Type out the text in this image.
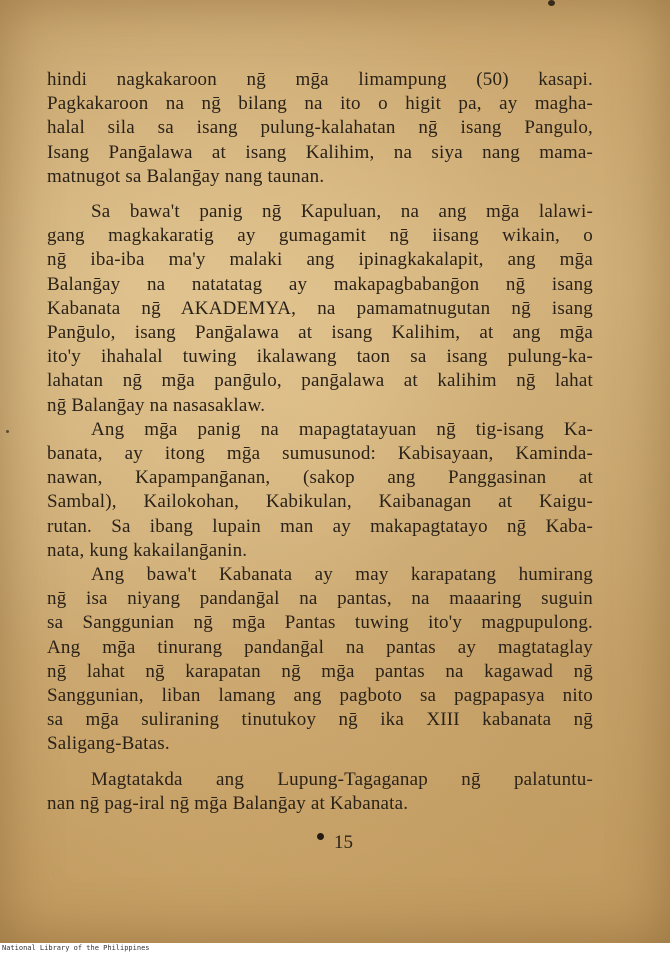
hindi nagkakaroon nḡ mḡa limampung (50) kasapi.
Pagkakaroon na nḡ bilang na ito o higit pa, ay magha-
halal sila sa isang pulung-kalahatan nḡ isang Pangulo,
Isang Panḡalawa at isang Kalihim, na siya nang mama-
matnugot sa Balanḡay nang taunan.
Sa bawa't panig nḡ Kapuluan, na ang mḡa lalawi-
gang magkakaratig ay gumagamit nḡ iisang wikain, o
nḡ iba-iba ma'y malaki ang ipinagkakalapit, ang mḡa
Balanḡay na natatatag ay makapagbabanḡon nḡ isang
Kabanata nḡ AKADEMYA, na pamamatnugutan nḡ isang
Panḡulo, isang Panḡalawa at isang Kalihim, at ang mḡa
ito'y ihahalal tuwing ikalawang taon sa isang pulung-ka-
lahatan nḡ mḡa panḡulo, panḡalawa at kalihim nḡ lahat
nḡ Balanḡay na nasasaklaw.
Ang mḡa panig na mapagtatayuan nḡ tig-isang Ka-
banata, ay itong mḡa sumusunod: Kabisayaan, Kaminda-
nawan, Kapampanḡanan, (sakop ang Panggasinan at
Sambal), Kailokohan, Kabikulan, Kaibanagan at Kaigu-
rutan. Sa ibang lupain man ay makapagtatayo nḡ Kaba-
nata, kung kakailanḡanin.
Ang bawa't Kabanata ay may karapatang humirang
nḡ isa niyang pandanḡal na pantas, na maaaring suguin
sa Sanggunian nḡ mḡa Pantas tuwing ito'y magpupulong.
Ang mḡa tinurang pandanḡal na pantas ay magtataglay
nḡ lahat nḡ karapatan nḡ mḡa pantas na kagawad nḡ
Sanggunian, liban lamang ang pagboto sa pagpapasya nito
sa mḡa suliraning tinutukoy nḡ ika XIII kabanata nḡ
Saligang-Batas.
Magtatakda ang Lupung-Tagaganap nḡ palatuntu-
nan nḡ pag-iral nḡ mḡa Balanḡay at Kabanata.
15
National Library of the Philippines
